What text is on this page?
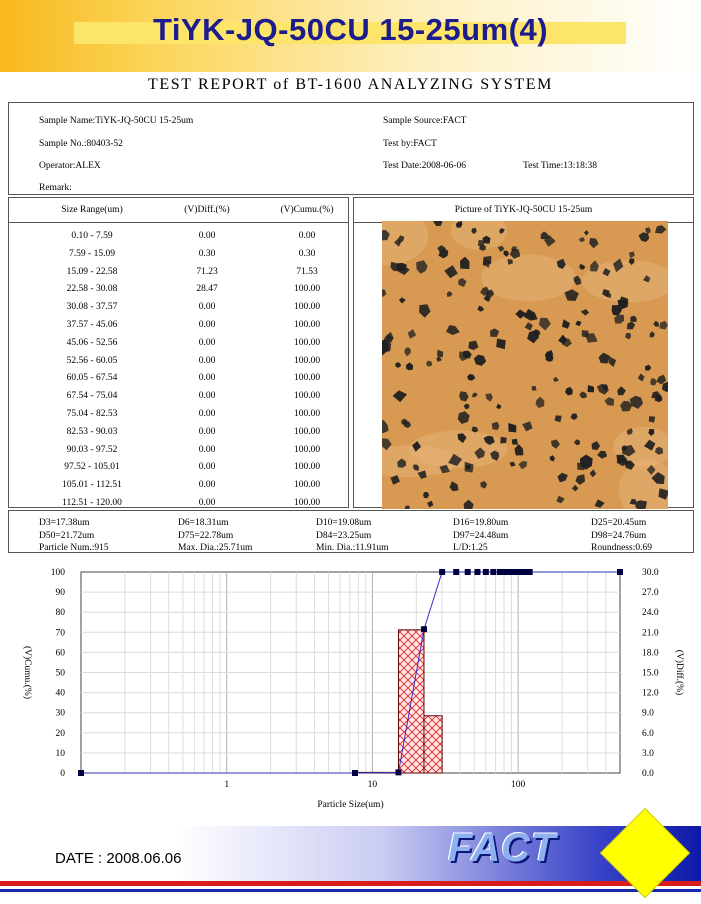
TiYK-JQ-50CU 15-25um(4)
TEST REPORT of BT-1600 ANALYZING SYSTEM
Sample Name:TiYK-JQ-50CU 15-25um	Sample Source:FACT
Sample No.:80403-52	Test by:FACT
Operator:ALEX	Test Date:2008-06-06	Test Time:13:18:38
Remark:
Size Range(um)	(V)Diff.(%)	(V)Cumu.(%)
0.10 - 7.59	0.00	0.00
7.59 - 15.09	0.30	0.30
15.09 - 22.58	71.23	71.53
22.58 - 30.08	28.47	100.00
30.08 - 37.57	0.00	100.00
37.57 - 45.06	0.00	100.00
45.06 - 52.56	0.00	100.00
52.56 - 60.05	0.00	100.00
60.05 - 67.54	0.00	100.00
67.54 - 75.04	0.00	100.00
75.04 - 82.53	0.00	100.00
82.53 - 90.03	0.00	100.00
90.03 - 97.52	0.00	100.00
97.52 - 105.01	0.00	100.00
105.01 - 112.51	0.00	100.00
112.51 - 120.00	0.00	100.00
Picture of TiYK-JQ-50CU 15-25um
D3=17.38um	D6=18.31um	D10=19.08um	D16=19.80um	D25=20.45um
D50=21.72um	D75=22.78um	D84=23.25um	D97=24.48um	D98=24.76um
Particle Num.:915	Max. Dia.:25.71um	Min. Dia.:11.91um	L/D:1.25	Roundness:0.69
0
10
20
30
40
50
60
70
80
90
100
0.0
3.0
6.0
9.0
12.0
15.0
18.0
21.0
24.0
27.0
30.0
1	10	100
Particle Size(um)
(V)Cumu.(%)	(V)Diff.(%)
DATE : 2008.06.06	FACT
